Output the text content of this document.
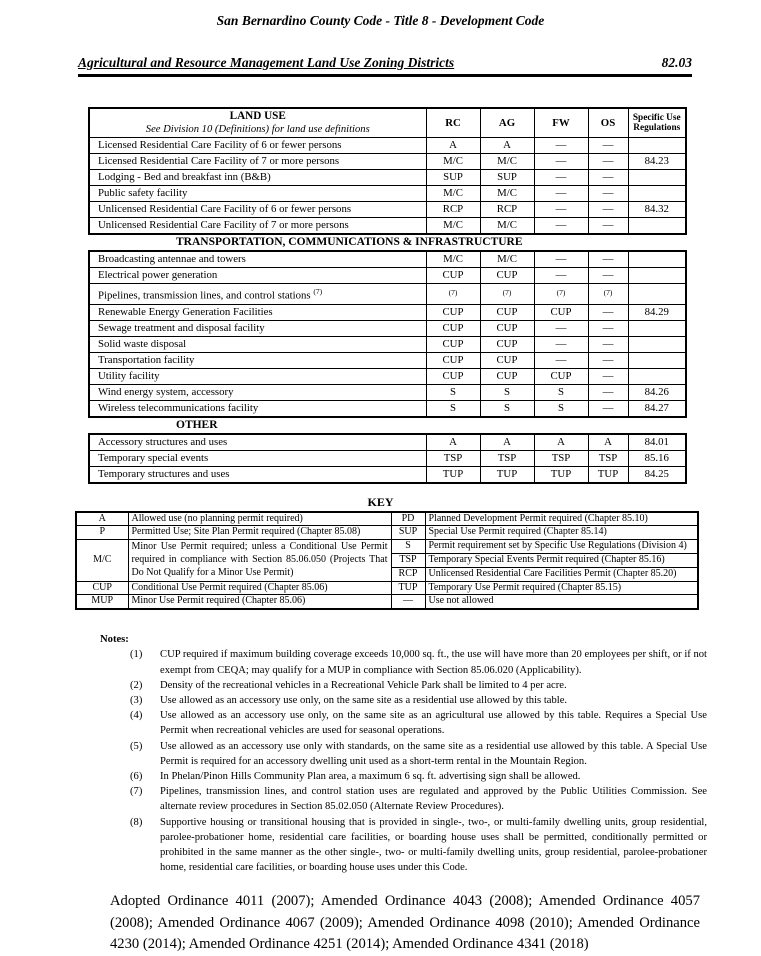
San Bernardino County Code - Title 8 - Development Code
Agricultural and Resource Management Land Use Zoning Districts	82.03
LAND USE
See Division 10 (Definitions) for land use definitions
	RC	AG	FW	OS	Specific Use
Regulations

Licensed Residential Care Facility of 6 or fewer persons	A	A	—	—	
Licensed Residential Care Facility of 7 or more persons	M/C	M/C	—	—	84.23
Lodging - Bed and breakfast inn (B&B)	SUP	SUP	—	—	
Public safety facility	M/C	M/C	—	—	
Unlicensed Residential Care Facility of 6 or fewer persons	RCP	RCP	—	—	84.32
Unlicensed Residential Care Facility of 7 or more persons	M/C	M/C	—	—	
TRANSPORTATION, COMMUNICATIONS & INFRASTRUCTURE
Broadcasting antennae and towers	M/C	M/C	—	—	
Electrical power generation	CUP	CUP	—	—	
Pipelines, transmission lines, and control stations $^{(7)}$	$^{(7)}$	$^{(7)}$	$^{(7)}$	$^{(7)}$	
Renewable Energy Generation Facilities	CUP	CUP	CUP	—	84.29
Sewage treatment and disposal facility	CUP	CUP	—	—	
Solid waste disposal	CUP	CUP	—	—	
Transportation facility	CUP	CUP	—	—	
Utility facility	CUP	CUP	CUP	—	
Wind energy system, accessory	S	S	S	—	84.26
Wireless telecommunications facility	S	S	S	—	84.27
OTHER
Accessory structures and uses	A	A	A	A	84.01
Temporary special events	TSP	TSP	TSP	TSP	85.16
Temporary structures and uses	TUP	TUP	TUP	TUP	84.25
KEY
A	Allowed use (no planning permit required)	PD	Planned Development Permit required (Chapter 85.10)
P	Permitted Use; Site Plan Permit required (Chapter 85.08)	SUP	Special Use Permit required (Chapter 85.14)
M/C	Minor Use Permit required; unless a Conditional Use Permit required in compliance with Section 85.06.050 (Projects That Do Not Qualify for a Minor Use Permit)	S	Permit requirement set by Specific Use Regulations (Division 4)
		TSP	Temporary Special Events Permit required (Chapter 85.16)
		RCP	Unlicensed Residential Care Facilities Permit (Chapter 85.20)
CUP	Conditional Use Permit required (Chapter 85.06)	TUP	Temporary Use Permit required (Chapter 85.15)
MUP	Minor Use Permit required (Chapter 85.06)	—	Use not allowed
Notes:
(1)	CUP required if maximum building coverage exceeds 10,000 sq. ft., the use will have more than 20 employees per shift, or if not exempt from CEQA; may qualify for a MUP in compliance with Section 85.06.020 (Applicability).
(2)	Density of the recreational vehicles in a Recreational Vehicle Park shall be limited to 4 per acre.
(3)	Use allowed as an accessory use only, on the same site as a residential use allowed by this table.
(4)	Use allowed as an accessory use only, on the same site as an agricultural use allowed by this table. Requires a Special Use Permit when recreational vehicles are used for seasonal operations.
(5)	Use allowed as an accessory use only with standards, on the same site as a residential use allowed by this table. A Special Use Permit is required for an accessory dwelling unit used as a short-term rental in the Mountain Region.
(6)	In Phelan/Pinon Hills Community Plan area, a maximum 6 sq. ft. advertising sign shall be allowed.
(7)	Pipelines, transmission lines, and control station uses are regulated and approved by the Public Utilities Commission. See alternate review procedures in Section 85.02.050 (Alternate Review Procedures).
(8)	Supportive housing or transitional housing that is provided in single-, two-, or multi-family dwelling units, group residential, parolee-probationer home, residential care facilities, or boarding house uses shall be permitted, conditionally permitted or prohibited in the same manner as the other single-, two- or multi-family dwelling units, group residential, parolee-probationer home, residential care facilities, or boarding house uses under this Code.
Adopted Ordinance 4011 (2007); Amended Ordinance 4043 (2008); Amended Ordinance 4057 (2008); Amended Ordinance 4067 (2009); Amended Ordinance 4098 (2010); Amended Ordinance 4230 (2014); Amended Ordinance 4251 (2014); Amended Ordinance 4341 (2018)
